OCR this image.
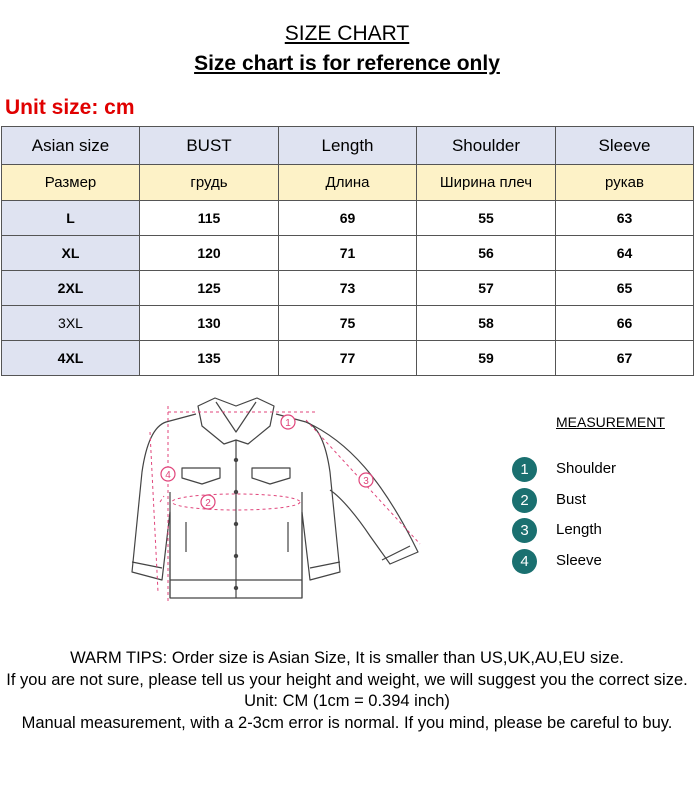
SIZE CHART
Size chart is for reference only
Unit size: cm
Asian size	BUST	Length	Shoulder	Sleeve
Размер	грудь	Длина	Ширина плеч	рукав
L	115	69	55	63
XL	120	71	56	64
2XL	125	73	57	65
3XL	130	75	58	66
4XL	135	77	59	67
1
2
3
4
MEASUREMENT
1	Shoulder
2	Bust
3	Length
4	Sleeve
WARM TIPS: Order size is Asian Size, It is smaller than US,UK,AU,EU size.
If you are not sure, please tell us your height and weight, we will suggest you the correct size.
Unit: CM (1cm = 0.394 inch)
Manual measurement, with a 2-3cm error is normal. If you mind, please be careful to buy.
